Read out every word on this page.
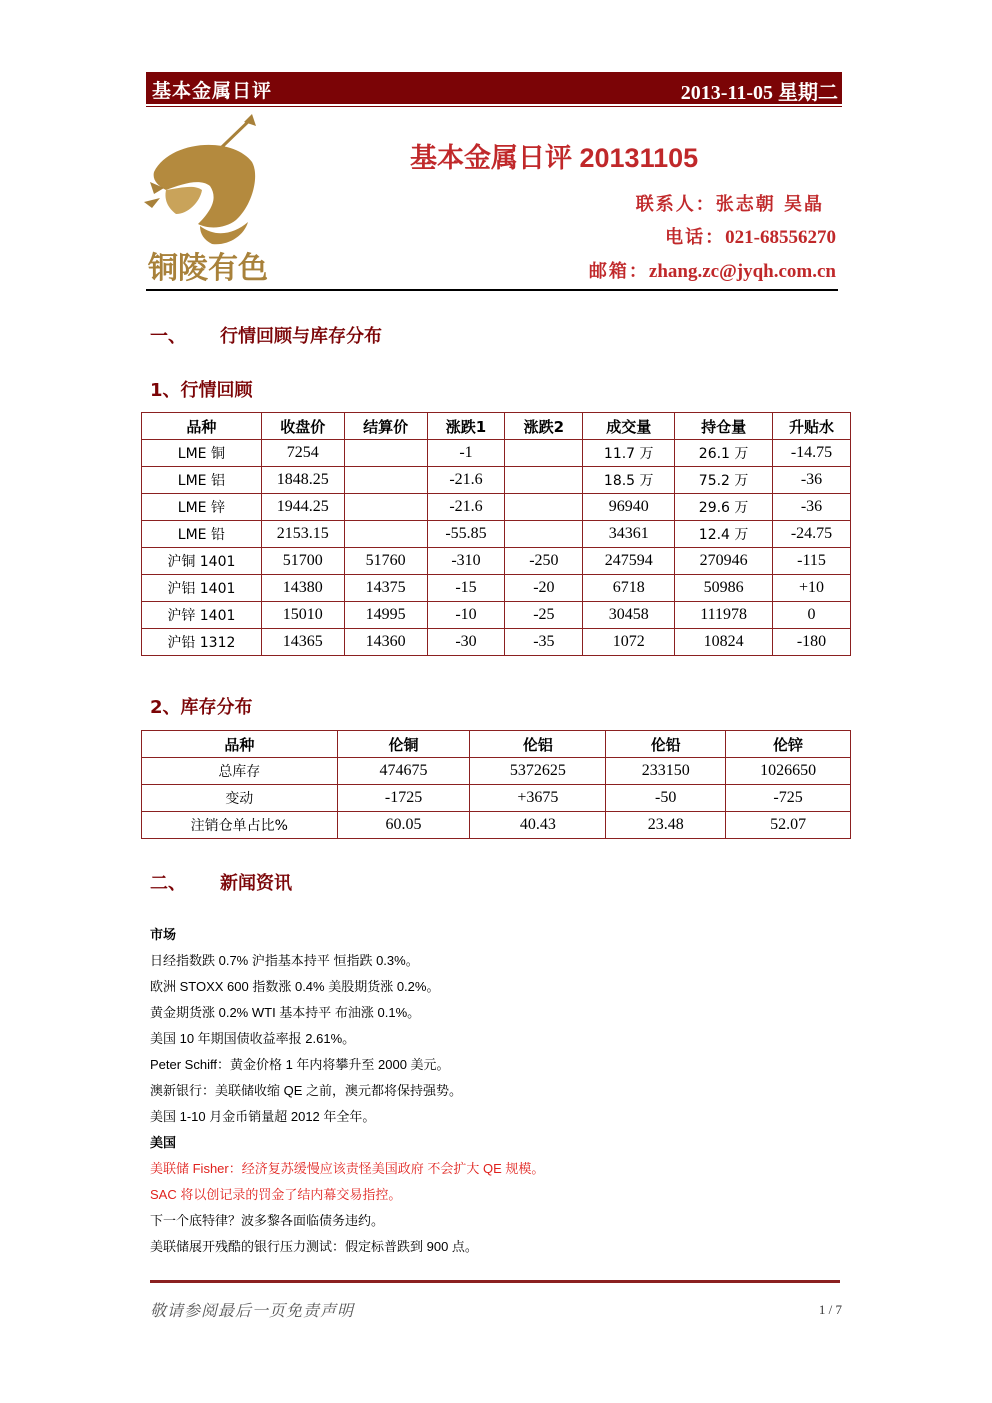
基本金属日评	2013-11-05 星期二
铜陵有色
基本金属日评 20131105
联系人：张志朝 吴晶
电话：021-68556270
邮箱：zhang.zc@jyqh.com.cn
一、 行情回顾与库存分布
1、行情回顾
品种	收盘价	结算价	涨跌1	涨跌2	成交量	持仓量	升贴水
LME 铜	7254		-1		11.7 万	26.1 万	-14.75
LME 铝	1848.25		-21.6		18.5 万	75.2 万	-36
LME 锌	1944.25		-21.6		96940	29.6 万	-36
LME 铅	2153.15		-55.85		34361	12.4 万	-24.75
沪铜 1401	51700	51760	-310	-250	247594	270946	-115
沪铝 1401	14380	14375	-15	-20	6718	50986	+10
沪锌 1401	15010	14995	-10	-25	30458	111978	0
沪铅 1312	14365	14360	-30	-35	1072	10824	-180
2、库存分布
品种	伦铜	伦铝	伦铅	伦锌
总库存	474675	5372625	233150	1026650
变动	-1725	+3675	-50	-725
注销仓单占比%	60.05	40.43	23.48	52.07
二、 新闻资讯
市场
日经指数跌 0.7% 沪指基本持平 恒指跌 0.3%。
欧洲 STOXX 600 指数涨 0.4% 美股期货涨 0.2%。
黄金期货涨 0.2% WTI 基本持平 布油涨 0.1%。
美国 10 年期国债收益率报 2.61%。
Peter Schiff：黄金价格 1 年内将攀升至 2000 美元。
澳新银行：美联储收缩 QE 之前，澳元都将保持强势。
美国 1-10 月金币销量超 2012 年全年。
美国
美联储 Fisher：经济复苏缓慢应该责怪美国政府 不会扩大 QE 规模。
SAC 将以创记录的罚金了结内幕交易指控。
下一个底特律？波多黎各面临债务违约。
美联储展开残酷的银行压力测试：假定标普跌到 900 点。
敬请参阅最后一页免责声明	1 / 7
